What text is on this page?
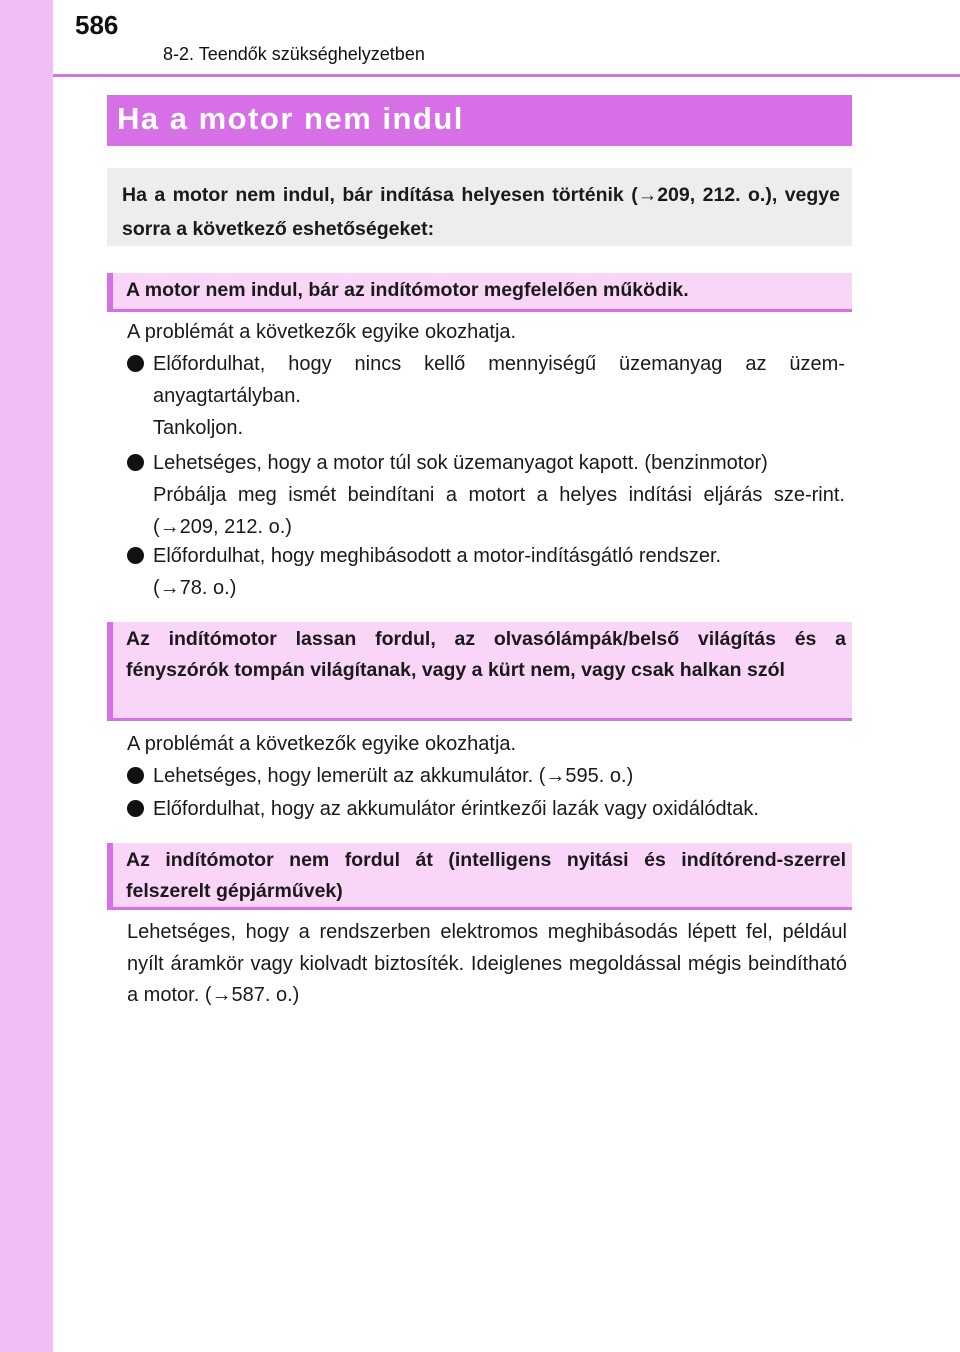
586
8-2. Teendők szükséghelyzetben
Ha a motor nem indul

Ha a motor nem indul, bár indítása helyesen történik (→209, 212. o.), vegye sorra a következő eshetőségeket:

A motor nem indul, bár az indítómotor megfelelően működik.

A problémát a következők egyike okozhatja.

Előfordulhat, hogy nincs kellő mennyiségű üzemanyag az üzem-anyagtartályban.
Tankoljon.
Lehetséges, hogy a motor túl sok üzemanyagot kapott. (benzinmotor)
Próbálja meg ismét beindítani a motort a helyes indítási eljárás sze-rint. (→209, 212. o.)
Előfordulhat, hogy meghibásodott a motor-indításgátló rendszer.
(→78. o.)

Az indítómotor lassan fordul, az olvasólámpák/belső világítás és a fényszórók tompán világítanak, vagy a kürt nem, vagy csak halkan szól

A problémát a következők egyike okozhatja.

Lehetséges, hogy lemerült az akkumulátor. (→595. o.)
Előfordulhat, hogy az akkumulátor érintkezői lazák vagy oxidálódtak.

Az indítómotor nem fordul át (intelligens nyitási és indítórend-szerrel felszerelt gépjárművek)

Lehetséges, hogy a rendszerben elektromos meghibásodás lépett fel, például nyílt áramkör vagy kiolvadt biztosíték. Ideiglenes megoldással mégis beindítható a motor. (→587. o.)
